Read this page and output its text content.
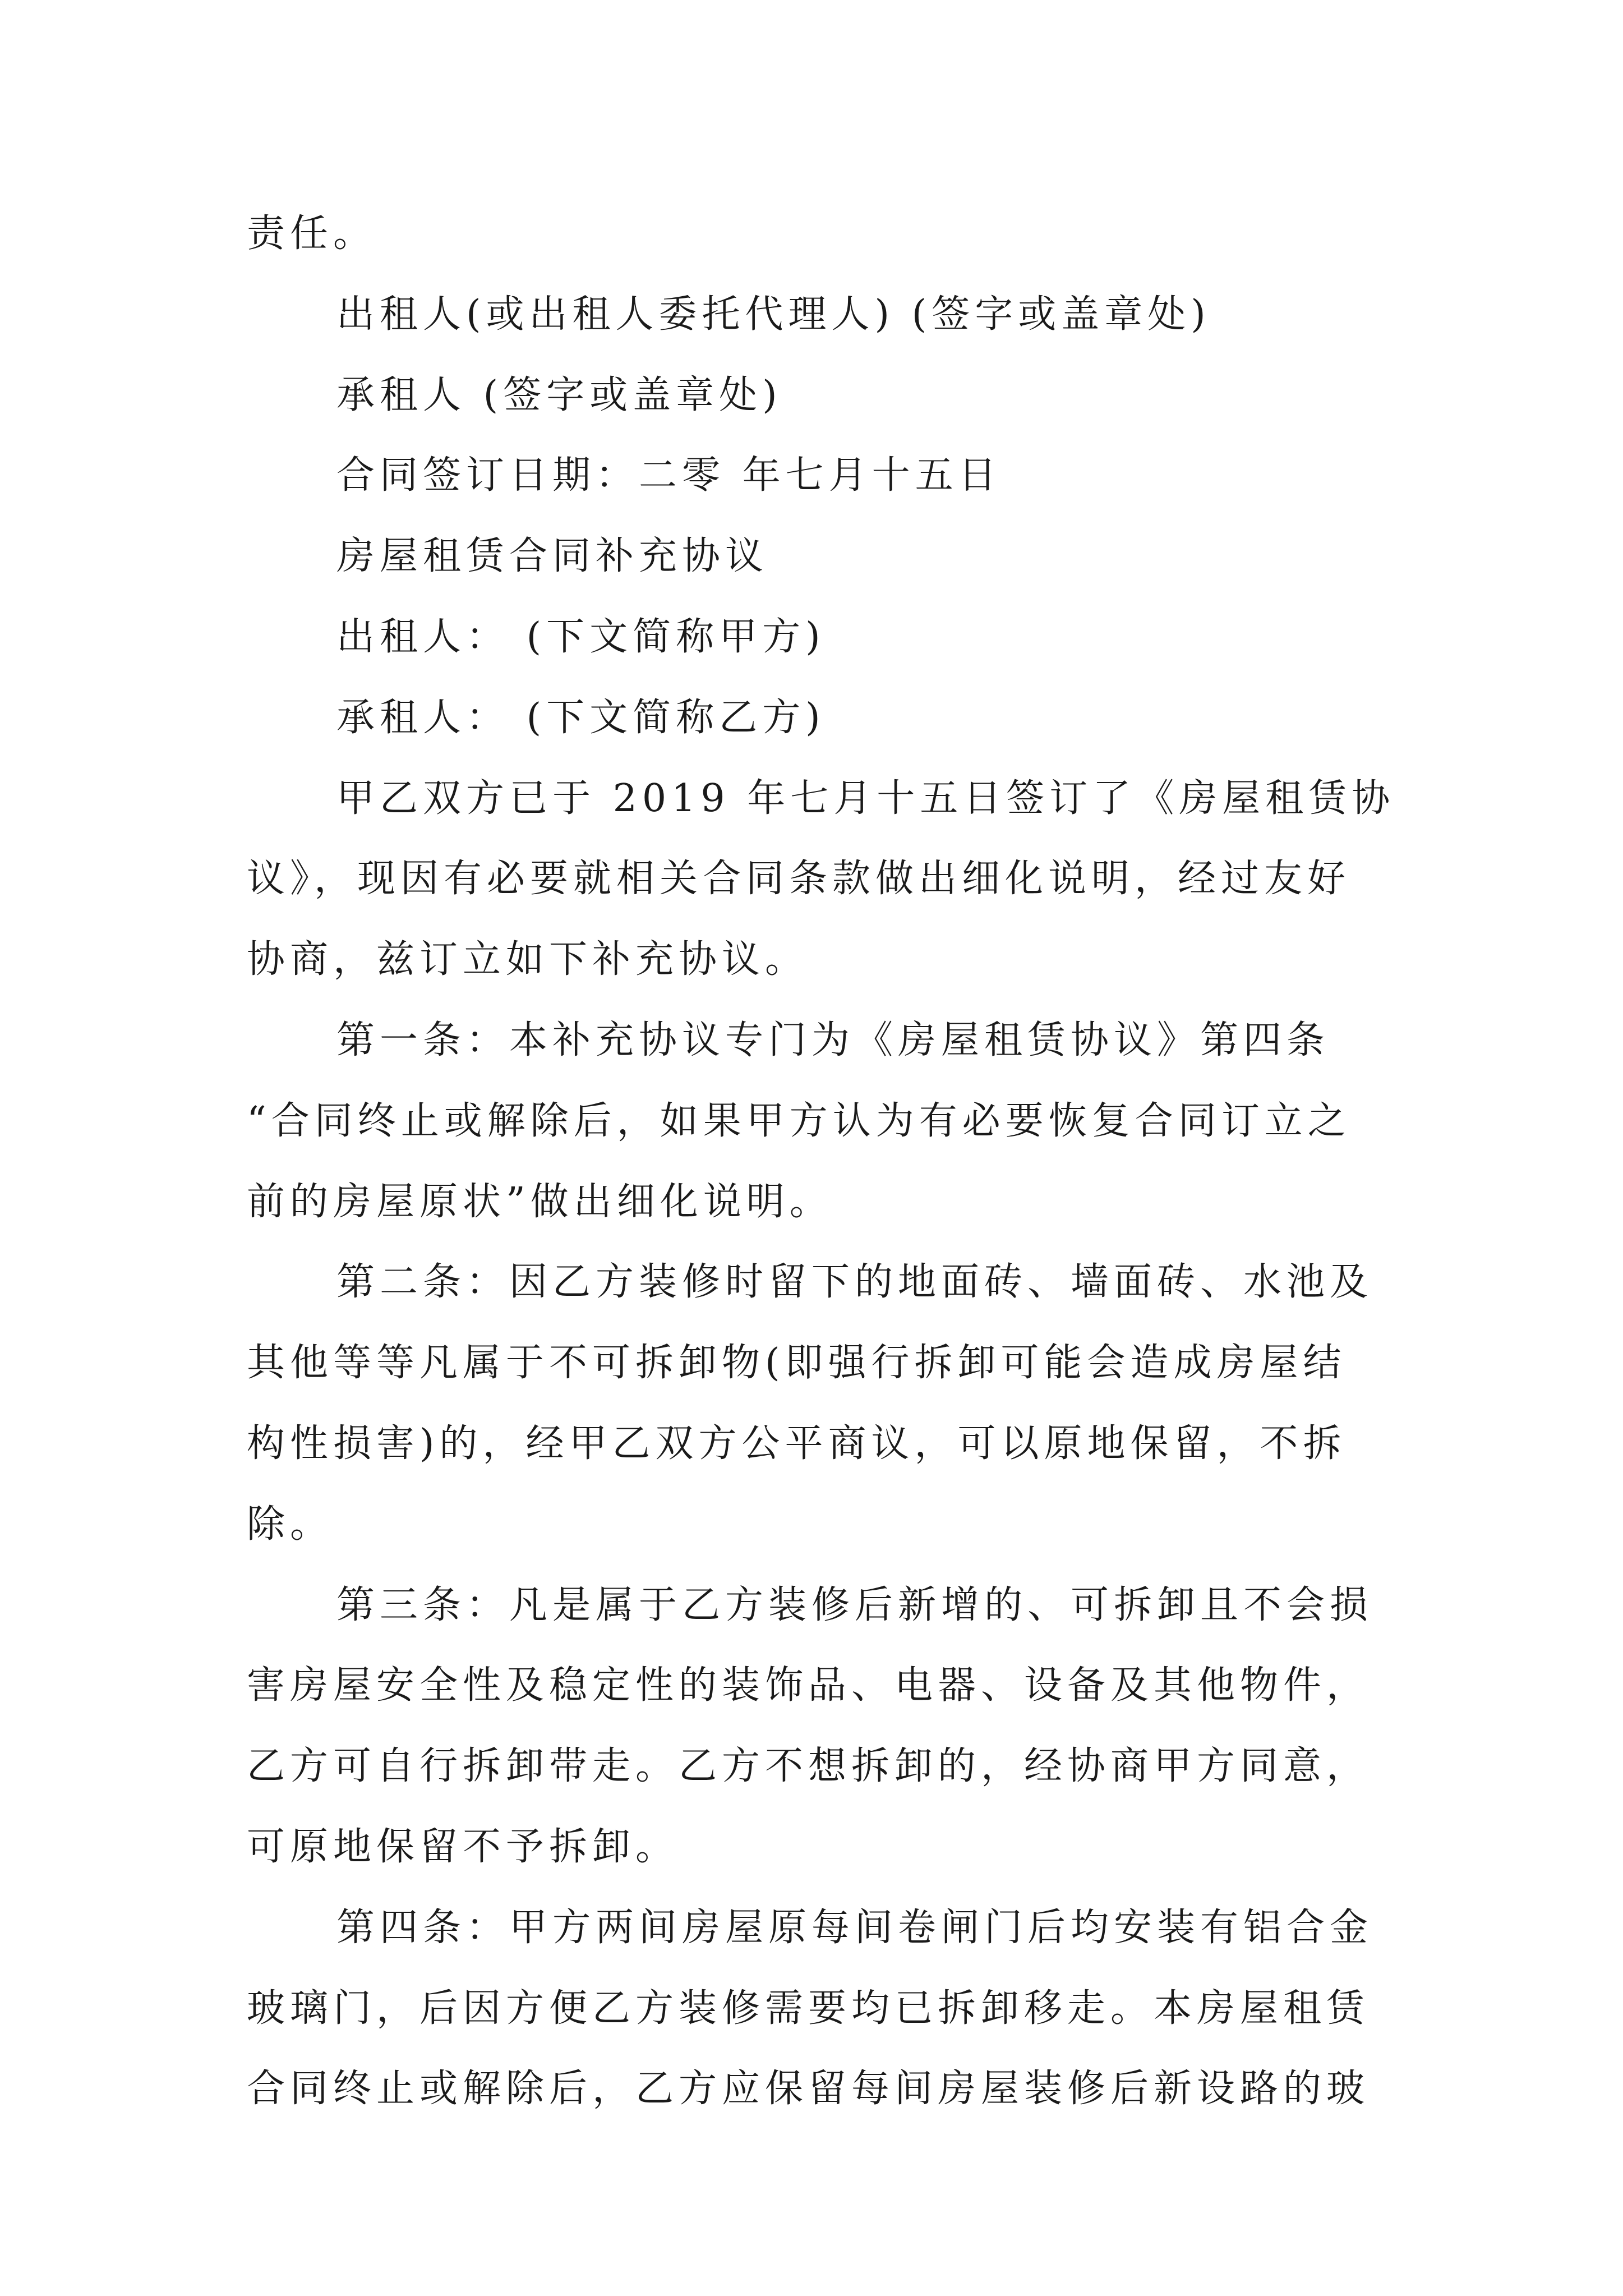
责任。
出租人(或出租人委托代理人) (签字或盖章处)
承租人 (签字或盖章处)
合同签订日期：二零 年七月十五日
房屋租赁合同补充协议
出租人： (下文简称甲方)
承租人： (下文简称乙方)
甲乙双方已于 2019 年七月十五日签订了《房屋租赁协
议》，现因有必要就相关合同条款做出细化说明，经过友好
协商，兹订立如下补充协议。
第一条：本补充协议专门为《房屋租赁协议》第四条
“合同终止或解除后，如果甲方认为有必要恢复合同订立之
前的房屋原状”做出细化说明。
第二条：因乙方装修时留下的地面砖、墙面砖、水池及
其他等等凡属于不可拆卸物(即强行拆卸可能会造成房屋结
构性损害)的，经甲乙双方公平商议，可以原地保留，不拆
除。
第三条：凡是属于乙方装修后新增的、可拆卸且不会损
害房屋安全性及稳定性的装饰品、电器、设备及其他物件，
乙方可自行拆卸带走。乙方不想拆卸的，经协商甲方同意，
可原地保留不予拆卸。
第四条：甲方两间房屋原每间卷闸门后均安装有铝合金
玻璃门，后因方便乙方装修需要均已拆卸移走。本房屋租赁
合同终止或解除后，乙方应保留每间房屋装修后新设路的玻
